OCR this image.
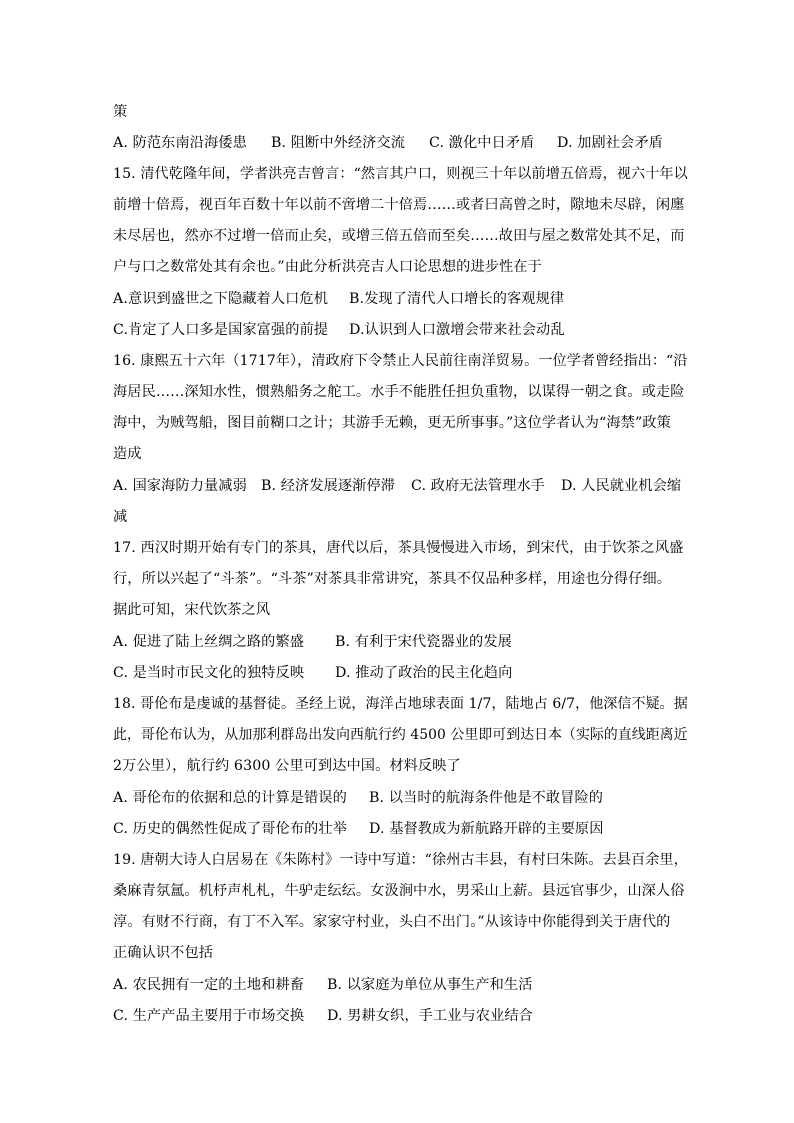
策
A. 防范东南沿海倭患 B. 阻断中外经济交流 C. 激化中日矛盾 D. 加剧社会矛盾
15. 清代乾隆年间，学者洪亮吉曾言：“然言其户口，则视三十年以前增五倍焉，视六十年以
前增十倍焉，视百年百数十年以前不啻增二十倍焉……或者曰高曾之时，隙地未尽辟，闲廛
未尽居也，然亦不过增一倍而止矣，或增三倍五倍而至矣……故田与屋之数常处其不足，而
户与口之数常处其有余也。”由此分析洪亮吉人口论思想的进步性在于
A.意识到盛世之下隐藏着人口危机 B.发现了清代人口增长的客观规律
C.肯定了人口多是国家富强的前提 D.认识到人口激增会带来社会动乱
16. 康熙五十六年（1717年），清政府下令禁止人民前往南洋贸易。一位学者曾经指出：“沿
海居民……深知水性，惯熟船务之舵工。水手不能胜任担负重物，以谋得一朝之食。或走险
海中，为贼驾船，图目前糊口之计；其游手无赖，更无所事事。”这位学者认为“海禁”政策
造成
A. 国家海防力量减弱 B. 经济发展逐渐停滞 C. 政府无法管理水手 D. 人民就业机会缩
减
17. 西汉时期开始有专门的茶具，唐代以后，茶具慢慢进入市场，到宋代，由于饮茶之风盛
行，所以兴起了“斗茶”。“斗茶”对茶具非常讲究，茶具不仅品种多样，用途也分得仔细。
据此可知，宋代饮茶之风
A. 促进了陆上丝绸之路的繁盛 B. 有利于宋代瓷器业的发展
C. 是当时市民文化的独特反映 D. 推动了政治的民主化趋向
18. 哥伦布是虔诚的基督徒。圣经上说，海洋占地球表面 1/7，陆地占 6/7，他深信不疑。据
此，哥伦布认为，从加那利群岛出发向西航行约 4500 公里即可到达日本（实际的直线距离近
2万公里），航行约 6300 公里可到达中国。材料反映了
A. 哥伦布的依据和总的计算是错误的 B. 以当时的航海条件他是不敢冒险的
C. 历史的偶然性促成了哥伦布的壮举 D. 基督教成为新航路开辟的主要原因
19. 唐朝大诗人白居易在《朱陈村》一诗中写道：“徐州古丰县，有村曰朱陈。去县百余里，
桑麻青氛氲。机杼声札札，牛驴走纭纭。女汲涧中水，男采山上薪。县远官事少，山深人俗
淳。有财不行商，有丁不入军。家家守村业，头白不出门。”从该诗中你能得到关于唐代的
正确认识不包括
A. 农民拥有一定的土地和耕畜 B. 以家庭为单位从事生产和生活
C. 生产产品主要用于市场交换 D. 男耕女织，手工业与农业结合
